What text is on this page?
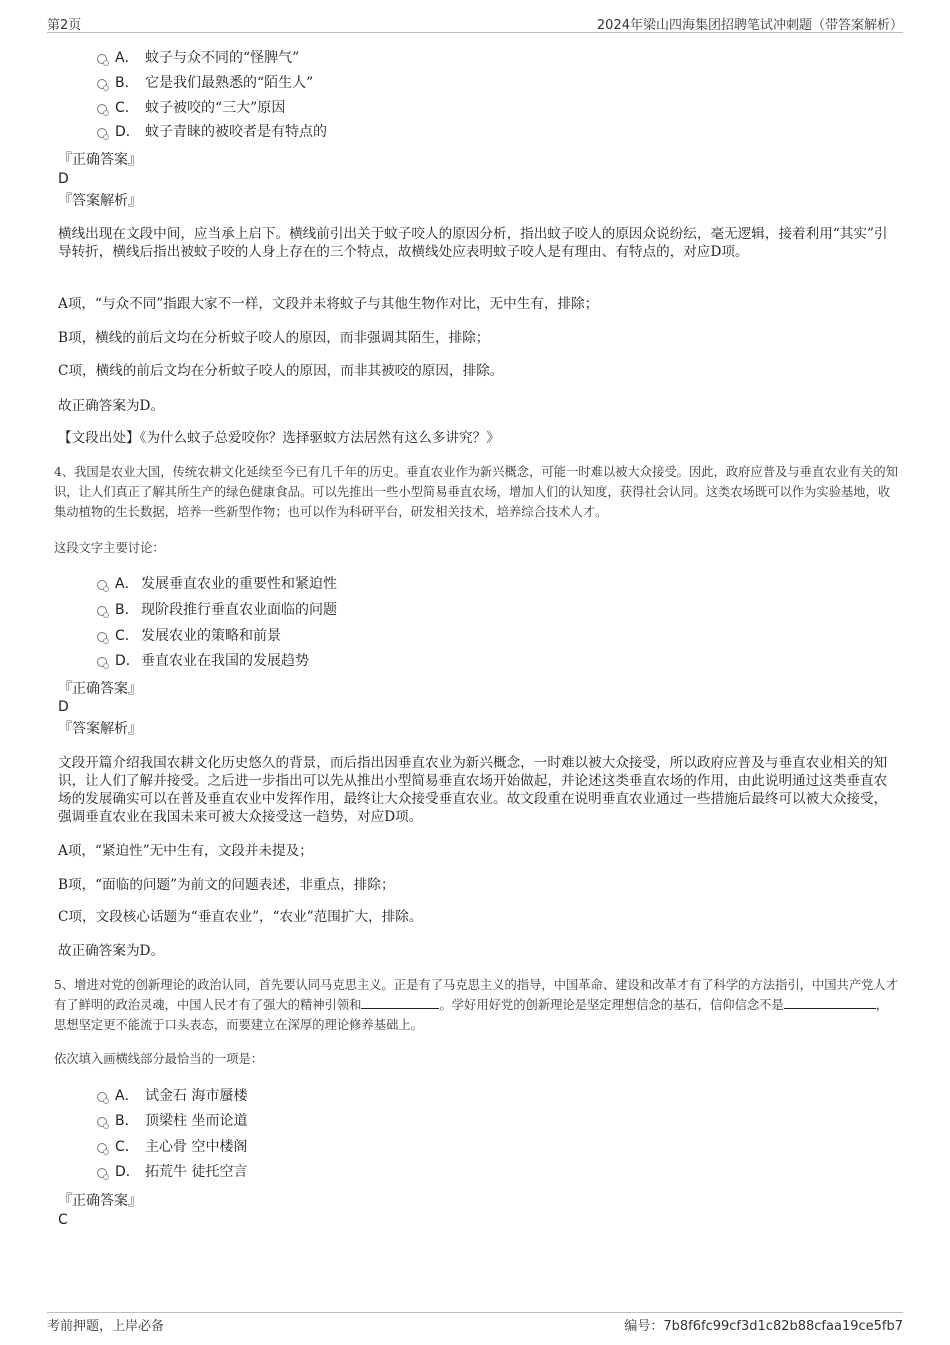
第2页	2024年梁山四海集团招聘笔试冲刺题（带答案解析）
A． 蚊子与众不同的“怪脾气”
B． 它是我们最熟悉的“陌生人”
C． 蚊子被咬的“三大”原因
D． 蚊子青睐的被咬者是有特点的
『正确答案』
D
『答案解析』
横线出现在文段中间，应当承上启下。横线前引出关于蚊子咬人的原因分析，指出蚊子咬人的原因众说纷纭，毫无逻辑，接着利用“其实”引导转折，横线后指出被蚊子咬的人身上存在的三个特点，故横线处应表明蚊子咬人是有理由、有特点的，对应D项。
A项，“与众不同”指跟大家不一样，文段并未将蚊子与其他生物作对比，无中生有，排除；
B项，横线的前后文均在分析蚊子咬人的原因，而非强调其陌生，排除；
C项，横线的前后文均在分析蚊子咬人的原因，而非其被咬的原因，排除。
故正确答案为D。
【文段出处】《为什么蚊子总爱咬你？选择驱蚊方法居然有这么多讲究？》
4、我国是农业大国，传统农耕文化延续至今已有几千年的历史。垂直农业作为新兴概念，可能一时难以被大众接受。因此，政府应普及与垂直农业有关的知识，让人们真正了解其所生产的绿色健康食品。可以先推出一些小型简易垂直农场，增加人们的认知度，获得社会认同。这类农场既可以作为实验基地，收集动植物的生长数据，培养一些新型作物；也可以作为科研平台，研发相关技术，培养综合技术人才。
这段文字主要讨论：
A． 发展垂直农业的重要性和紧迫性
B． 现阶段推行垂直农业面临的问题
C． 发展农业的策略和前景
D． 垂直农业在我国的发展趋势
『正确答案』
D
『答案解析』
文段开篇介绍我国农耕文化历史悠久的背景，而后指出因垂直农业为新兴概念，一时难以被大众接受，所以政府应普及与垂直农业相关的知识，让人们了解并接受。之后进一步指出可以先从推出小型简易垂直农场开始做起，并论述这类垂直农场的作用，由此说明通过这类垂直农场的发展确实可以在普及垂直农业中发挥作用，最终让大众接受垂直农业。故文段重在说明垂直农业通过一些措施后最终可以被大众接受，强调垂直农业在我国未来可被大众接受这一趋势，对应D项。
A项，“紧迫性”无中生有，文段并未提及；
B项，“面临的问题”为前文的问题表述，非重点，排除；
C项，文段核心话题为“垂直农业”，“农业”范围扩大，排除。
故正确答案为D。
5、增进对党的创新理论的政治认同，首先要认同马克思主义。正是有了马克思主义的指导，中国革命、建设和改革才有了科学的方法指引，中国共产党人才有了鲜明的政治灵魂，中国人民才有了强大的精神引领和	。学好用好党的创新理论是坚定理想信念的基石，信仰信念不是	，思想坚定更不能流于口头表态，而要建立在深厚的理论修养基础上。
依次填入画横线部分最恰当的一项是：
A． 试金石 海市蜃楼
B． 顶梁柱 坐而论道
C． 主心骨 空中楼阁
D． 拓荒牛 徒托空言
『正确答案』
C
考前押题，上岸必备	编号：7b8f6fc99cf3d1c82b88cfaa19ce5fb7
